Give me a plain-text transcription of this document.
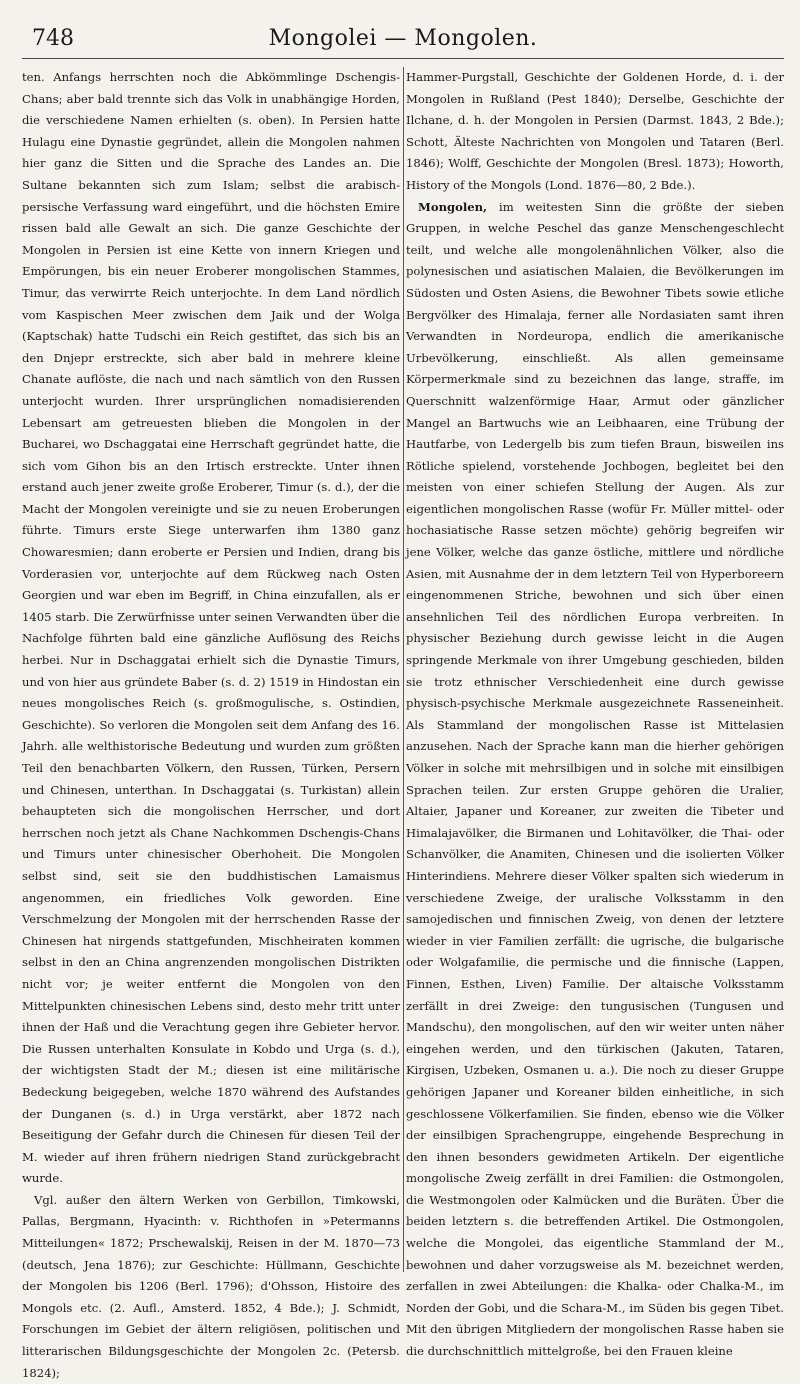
748	Mongolei — Mongolen.

ten. Anfangs herrschten noch die Abkömmlinge Dschengis-Chans; aber bald trennte sich das Volk in unabhängige Horden, die verschiedene Namen erhielten (s. oben). In Persien hatte Hulagu eine Dynastie gegründet, allein die Mongolen nahmen hier ganz die Sitten und die Sprache des Landes an. Die Sultane bekannten sich zum Islam; selbst die arabisch-persische Verfassung ward eingeführt, und die höchsten Emire rissen bald alle Gewalt an sich. Die ganze Geschichte der Mongolen in Persien ist eine Kette von innern Kriegen und Empörungen, bis ein neuer Eroberer mongolischen Stammes, Timur, das verwirrte Reich unterjochte. In dem Land nördlich vom Kaspischen Meer zwischen dem Jaik und der Wolga (Kaptschak) hatte Tudschi ein Reich gestiftet, das sich bis an den Dnjepr erstreckte, sich aber bald in mehrere kleine Chanate auflöste, die nach und nach sämtlich von den Russen unterjocht wurden. Ihrer ursprünglichen nomadisierenden Lebensart am getreuesten blieben die Mongolen in der Bucharei, wo Dschaggatai eine Herrschaft gegründet hatte, die sich vom Gihon bis an den Irtisch erstreckte. Unter ihnen erstand auch jener zweite große Eroberer, Timur (s. d.), der die Macht der Mongolen vereinigte und sie zu neuen Eroberungen führte. Timurs erste Siege unterwarfen ihm 1380 ganz Chowaresmien; dann eroberte er Persien und Indien, drang bis Vorderasien vor, unterjochte auf dem Rückweg nach Osten Georgien und war eben im Begriff, in China einzufallen, als er 1405 starb. Die Zerwürfnisse unter seinen Verwandten über die Nachfolge führten bald eine gänzliche Auflösung des Reichs herbei. Nur in Dschaggatai erhielt sich die Dynastie Timurs, und von hier aus gründete Baber (s. d. 2) 1519 in Hindostan ein neues mongolisches Reich (s. großmogulische, s. Ostindien, Geschichte). So verloren die Mongolen seit dem Anfang des 16. Jahrh. alle welthistorische Bedeutung und wurden zum größten Teil den benachbarten Völkern, den Russen, Türken, Persern und Chinesen, unterthan. In Dschaggatai (s. Turkistan) allein behaupteten sich die mongolischen Herrscher, und dort herrschen noch jetzt als Chane Nachkommen Dschengis-Chans und Timurs unter chinesischer Oberhoheit. Die Mongolen selbst sind, seit sie den buddhistischen Lamaismus angenommen, ein friedliches Volk geworden. Eine Verschmelzung der Mongolen mit der herrschenden Rasse der Chinesen hat nirgends stattgefunden, Mischheiraten kommen selbst in den an China angrenzenden mongolischen Distrikten nicht vor; je weiter entfernt die Mongolen von den Mittelpunkten chinesischen Lebens sind, desto mehr tritt unter ihnen der Haß und die Verachtung gegen ihre Gebieter hervor. Die Russen unterhalten Konsulate in Kobdo und Urga (s. d.), der wichtigsten Stadt der M.; diesen ist eine militärische Bedeckung beigegeben, welche 1870 während des Aufstandes der Dunganen (s. d.) in Urga verstärkt, aber 1872 nach Beseitigung der Gefahr durch die Chinesen für diesen Teil der M. wieder auf ihren frühern niedrigen Stand zurückgebracht wurde.

Vgl. außer den ältern Werken von Gerbillon, Timkowski, Pallas, Bergmann, Hyacinth: v. Richthofen in »Petermanns Mitteilungen« 1872; Prschewalskij, Reisen in der M. 1870—73 (deutsch, Jena 1876); zur Geschichte: Hüllmann, Geschichte der Mongolen bis 1206 (Berl. 1796); d'Ohsson, Histoire des Mongols etc. (2. Aufl., Amsterd. 1852, 4 Bde.); J. Schmidt, Forschungen im Gebiet der ältern religiösen, politischen und litterarischen Bildungsgeschichte der Mongolen 2c. (Petersb. 1824);

Hammer-Purgstall, Geschichte der Goldenen Horde, d. i. der Mongolen in Rußland (Pest 1840); Derselbe, Geschichte der Ilchane, d. h. der Mongolen in Persien (Darmst. 1843, 2 Bde.); Schott, Älteste Nachrichten von Mongolen und Tataren (Berl. 1846); Wolff, Geschichte der Mongolen (Bresl. 1873); Howorth, History of the Mongols (Lond. 1876—80, 2 Bde.).

Mongolen, im weitesten Sinn die größte der sieben Gruppen, in welche Peschel das ganze Menschengeschlecht teilt, und welche alle mongolenähnlichen Völker, also die polynesischen und asiatischen Malaien, die Bevölkerungen im Südosten und Osten Asiens, die Bewohner Tibets sowie etliche Bergvölker des Himalaja, ferner alle Nordasiaten samt ihren Verwandten in Nordeuropa, endlich die amerikanische Urbevölkerung, einschließt. Als allen gemeinsame Körpermerkmale sind zu bezeichnen das lange, straffe, im Querschnitt walzenförmige Haar, Armut oder gänzlicher Mangel an Bartwuchs wie an Leibhaaren, eine Trübung der Hautfarbe, von Ledergelb bis zum tiefen Braun, bisweilen ins Rötliche spielend, vorstehende Jochbogen, begleitet bei den meisten von einer schiefen Stellung der Augen. Als zur eigentlichen mongolischen Rasse (wofür Fr. Müller mittel- oder hochasiatische Rasse setzen möchte) gehörig begreifen wir jene Völker, welche das ganze östliche, mittlere und nördliche Asien, mit Ausnahme der in dem letztern Teil von Hyperboreern eingenommenen Striche, bewohnen und sich über einen ansehnlichen Teil des nördlichen Europa verbreiten. In physischer Beziehung durch gewisse leicht in die Augen springende Merkmale von ihrer Umgebung geschieden, bilden sie trotz ethnischer Verschiedenheit eine durch gewisse physisch-psychische Merkmale ausgezeichnete Rasseneinheit. Als Stammland der mongolischen Rasse ist Mittelasien anzusehen. Nach der Sprache kann man die hierher gehörigen Völker in solche mit mehrsilbigen und in solche mit einsilbigen Sprachen teilen. Zur ersten Gruppe gehören die Uralier, Altaier, Japaner und Koreaner, zur zweiten die Tibeter und Himalajavölker, die Birmanen und Lohitavölker, die Thai- oder Schanvölker, die Anamiten, Chinesen und die isolierten Völker Hinterindiens. Mehrere dieser Völker spalten sich wiederum in verschiedene Zweige, der uralische Volksstamm in den samojedischen und finnischen Zweig, von denen der letztere wieder in vier Familien zerfällt: die ugrische, die bulgarische oder Wolgafamilie, die permische und die finnische (Lappen, Finnen, Esthen, Liven) Familie. Der altaische Volksstamm zerfällt in drei Zweige: den tungusischen (Tungusen und Mandschu), den mongolischen, auf den wir weiter unten näher eingehen werden, und den türkischen (Jakuten, Tataren, Kirgisen, Uzbeken, Osmanen u. a.). Die noch zu dieser Gruppe gehörigen Japaner und Koreaner bilden einheitliche, in sich geschlossene Völkerfamilien. Sie finden, ebenso wie die Völker der einsilbigen Sprachengruppe, eingehende Besprechung in den ihnen besonders gewidmeten Artikeln. Der eigentliche mongolische Zweig zerfällt in drei Familien: die Ostmongolen, die Westmongolen oder Kalmücken und die Buräten. Über die beiden letztern s. die betreffenden Artikel. Die Ostmongolen, welche die Mongolei, das eigentliche Stammland der M., bewohnen und daher vorzugsweise als M. bezeichnet werden, zerfallen in zwei Abteilungen: die Khalka- oder Chalka-M., im Norden der Gobi, und die Schara-M., im Süden bis gegen Tibet. Mit den übrigen Mitgliedern der mongolischen Rasse haben sie die durchschnittlich mittelgroße, bei den Frauen kleine
